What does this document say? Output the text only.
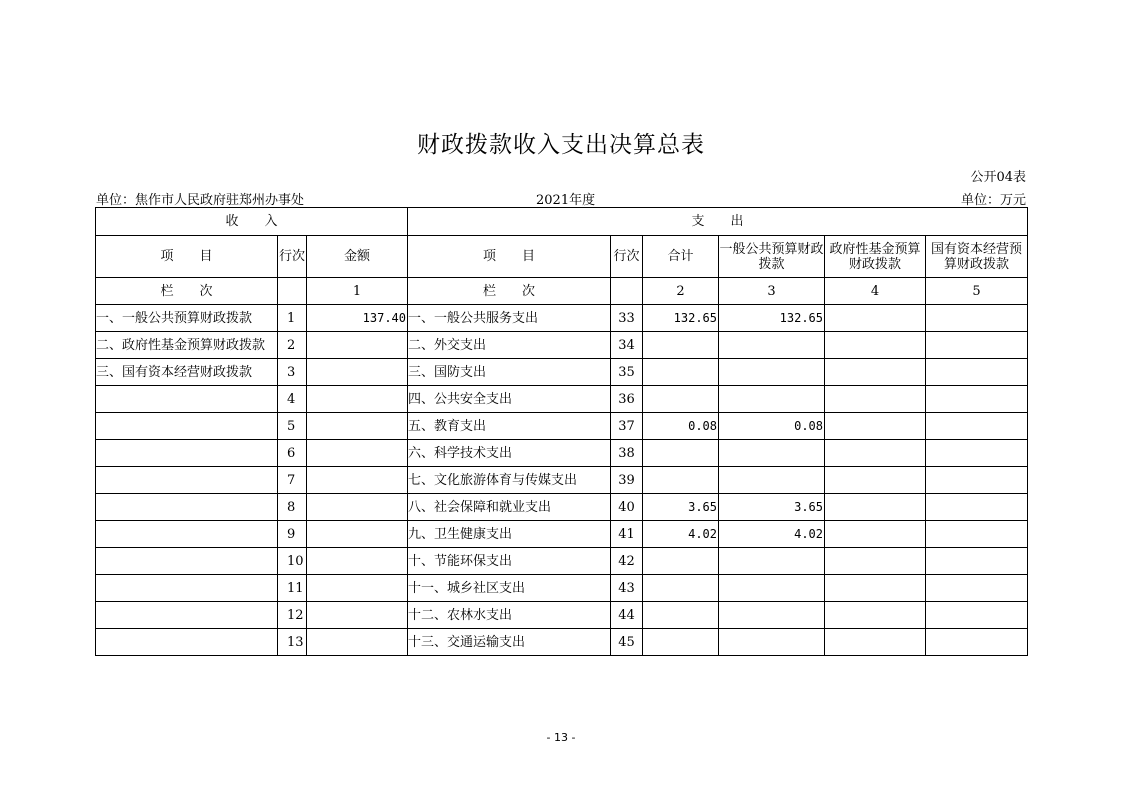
财政拨款收入支出决算总表
公开04表
单位：焦作市人民政府驻郑州办事处	2021年度	单位：万元
收　　入			支　　出					
项　　目	行次	金额	项　　目	行次	合计	一般公共预算财政拨款	政府性基金预算财政拨款	国有资本经营预算财政拨款
栏　　次		1	栏　　次		2	3	4	5
一、一般公共预算财政拨款	1	137.40	一、一般公共服务支出	33	132.65	132.65		
二、政府性基金预算财政拨款	2		二、外交支出	34				
三、国有资本经营财政拨款	3		三、国防支出	35				
	4		四、公共安全支出	36				
	5		五、教育支出	37	0.08	0.08		
	6		六、科学技术支出	38				
	7		七、文化旅游体育与传媒支出	39				
	8		八、社会保障和就业支出	40	3.65	3.65		
	9		九、卫生健康支出	41	4.02	4.02		
	10		十、节能环保支出	42				
	11		十一、城乡社区支出	43				
	12		十二、农林水支出	44				
	13		十三、交通运输支出	45				
- 13 -
